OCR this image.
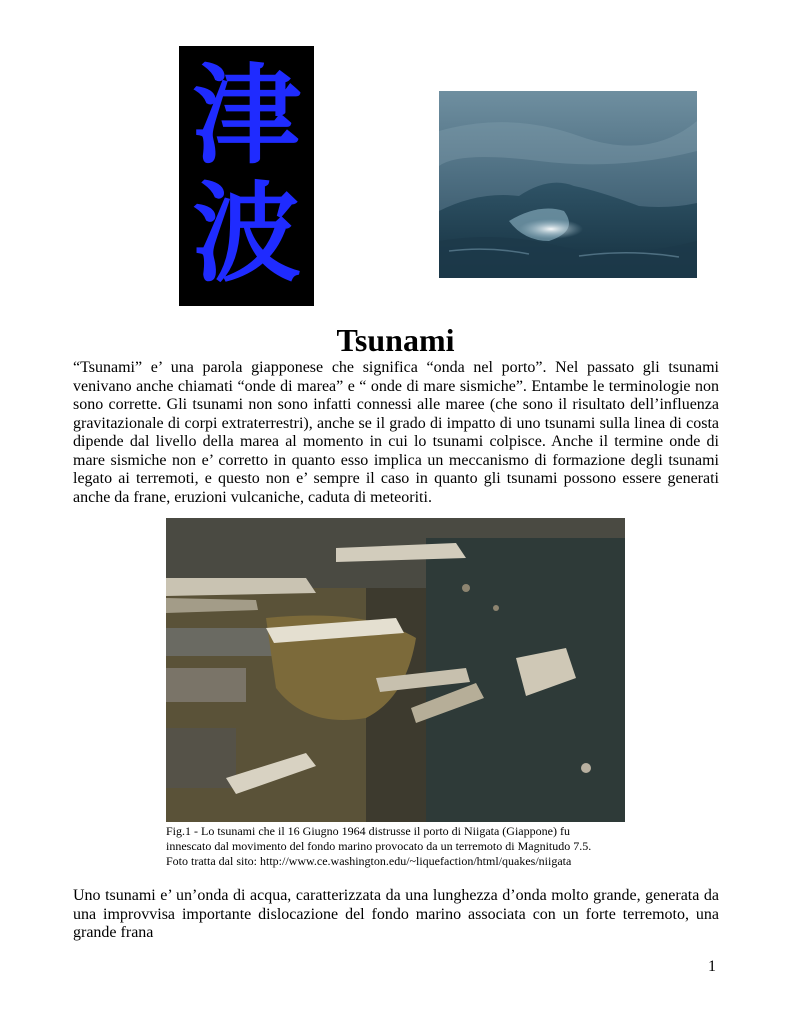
津
波
Tsunami

“Tsunami” e’ una parola giapponese che significa “onda nel porto”. Nel passato gli tsunami venivano anche chiamati “onde di marea” e “ onde di mare sismiche”. Entambe le terminologie non sono corrette. Gli tsunami non sono infatti connessi alle maree (che sono il risultato dell’influenza gravitazionale di corpi extraterrestri), anche se il grado di impatto di uno tsunami sulla linea di costa dipende dal livello della marea al momento in cui lo tsunami colpisce. Anche il termine onde di mare sismiche non e’ corretto in quanto esso implica un meccanismo di formazione degli tsunami legato ai terremoti, e questo non e’ sempre il caso in quanto gli tsunami possono essere generati anche da frane, eruzioni vulcaniche, caduta di meteoriti.

Fig.1 - Lo tsunami che il 16 Giugno 1964 distrusse il porto di Niigata (Giappone) fu
innescato dal movimento del fondo marino provocato da un terremoto di Magnitudo 7.5.
Foto tratta dal sito: http://www.ce.washington.edu/~liquefaction/html/quakes/niigata

Uno tsunami e’ un’onda di acqua, caratterizzata da una lunghezza d’onda molto grande, generata da una improvvisa importante dislocazione del fondo marino associata con un forte terremoto, una grande frana

1
